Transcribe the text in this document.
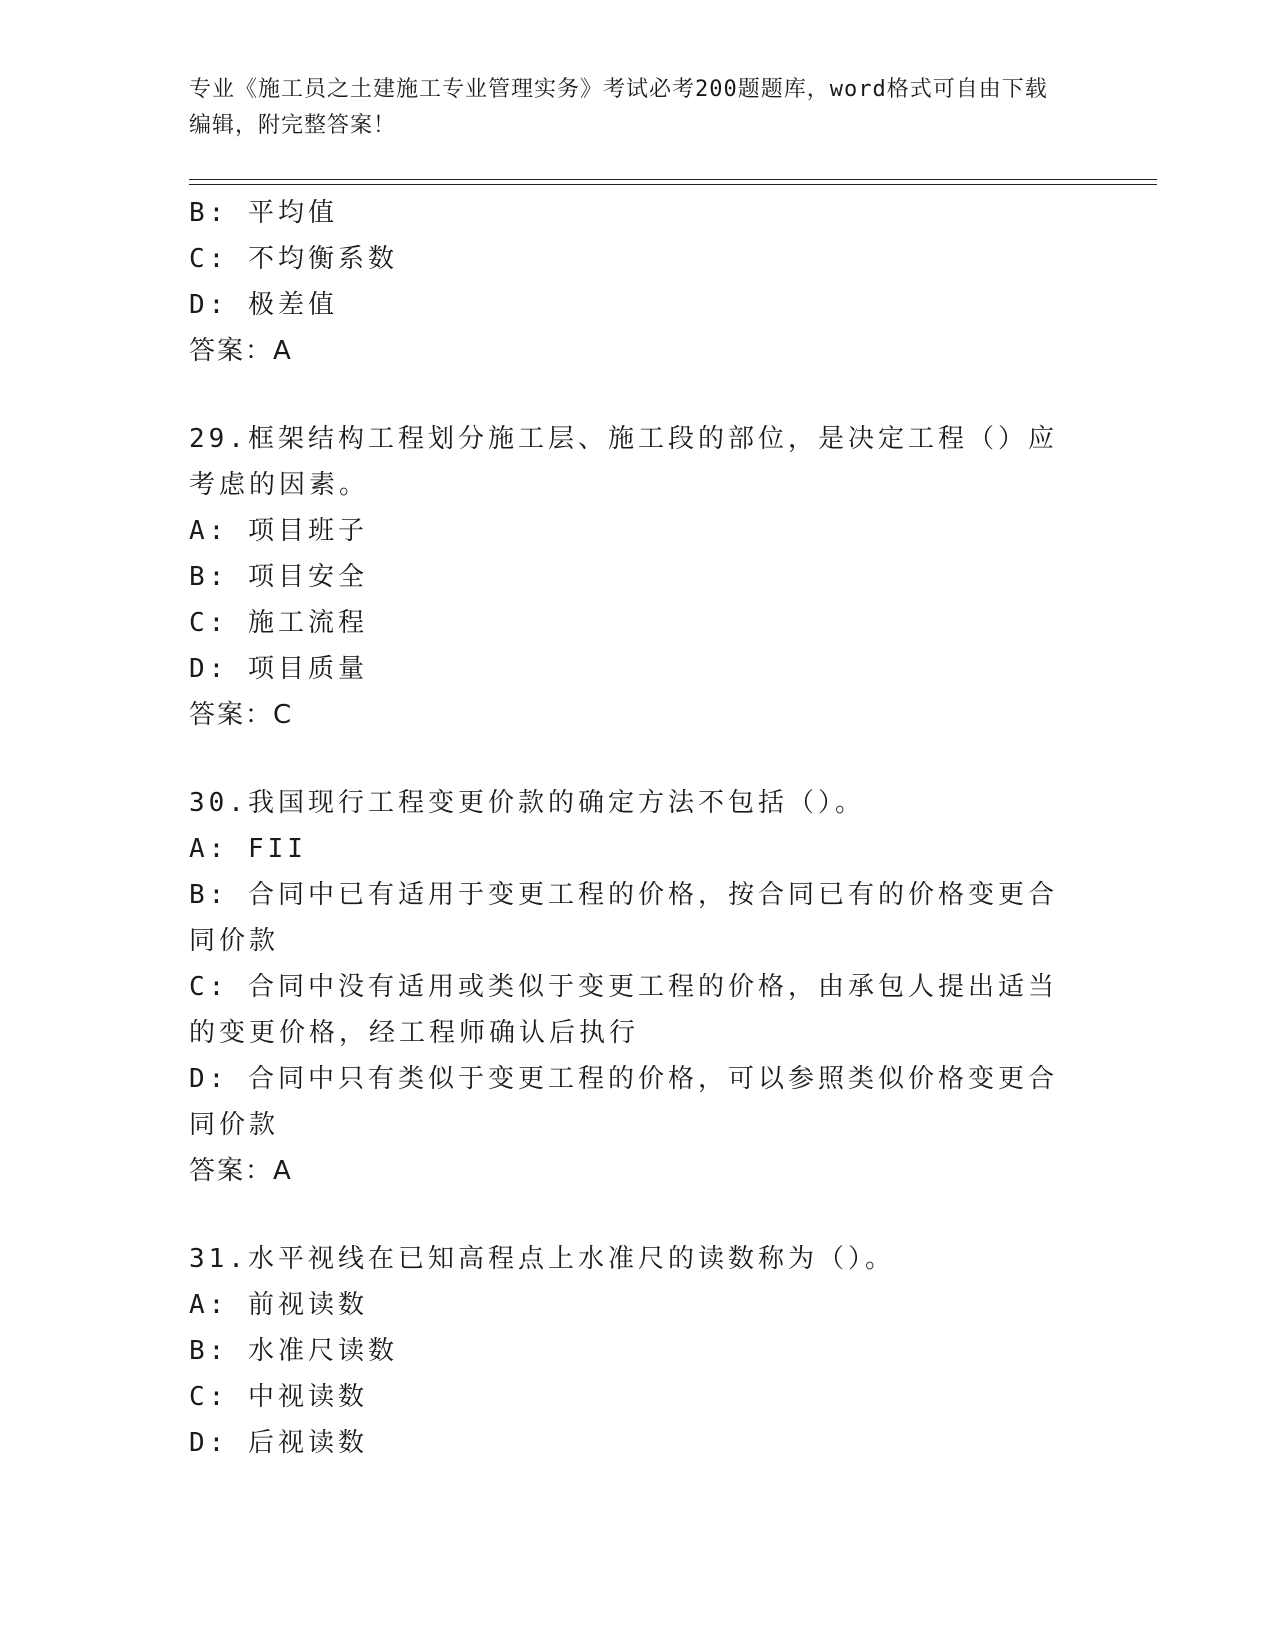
专业《施工员之土建施工专业管理实务》考试必考200题题库，word格式可自由下载编辑，附完整答案！
B: 平均值
C: 不均衡系数
D: 极差值
答案：A
29.框架结构工程划分施工层、施工段的部位，是决定工程（）应考虑的因素。
A: 项目班子
B: 项目安全
C: 施工流程
D: 项目质量
答案：C
30.我国现行工程变更价款的确定方法不包括（）。
A: FII
B: 合同中已有适用于变更工程的价格，按合同已有的价格变更合同价款
C: 合同中没有适用或类似于变更工程的价格，由承包人提出适当的变更价格，经工程师确认后执行
D: 合同中只有类似于变更工程的价格，可以参照类似价格变更合同价款
答案：A
31.水平视线在已知高程点上水准尺的读数称为（）。
A: 前视读数
B: 水准尺读数
C: 中视读数
D: 后视读数
